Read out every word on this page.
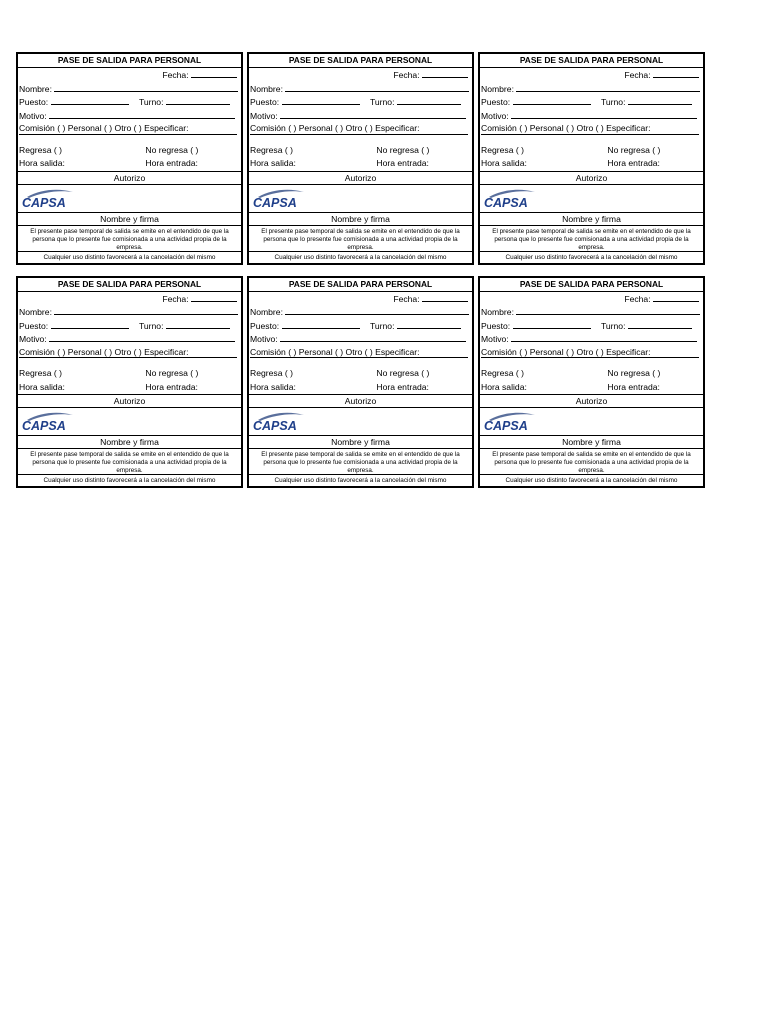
PASE DE SALIDA PARA PERSONAL
Fecha:
Nombre:
Puesto:	Turno:
Motivo:
Comisión ( ) Personal ( ) Otro ( ) Especificar:
Regresa ( )	No regresa ( )
Hora salida:	Hora entrada:
Autorizo
CAPSA
Nombre y firma
El presente pase temporal de salida se emite en el entendido de que la persona que lo presente fue comisionada a una actividad propia de la empresa.
Cualquier uso distinto favorecerá a la cancelación del mismo
PASE DE SALIDA PARA PERSONAL
Fecha:
Nombre:
Puesto:	Turno:
Motivo:
Comisión ( ) Personal ( ) Otro ( ) Especificar:
Regresa ( )	No regresa ( )
Hora salida:	Hora entrada:
Autorizo
CAPSA
Nombre y firma
El presente pase temporal de salida se emite en el entendido de que la persona que lo presente fue comisionada a una actividad propia de la empresa.
Cualquier uso distinto favorecerá a la cancelación del mismo
PASE DE SALIDA PARA PERSONAL
Fecha:
Nombre:
Puesto:	Turno:
Motivo:
Comisión ( ) Personal ( ) Otro ( ) Especificar:
Regresa ( )	No regresa ( )
Hora salida:	Hora entrada:
Autorizo
CAPSA
Nombre y firma
El presente pase temporal de salida se emite en el entendido de que la persona que lo presente fue comisionada a una actividad propia de la empresa.
Cualquier uso distinto favorecerá a la cancelación del mismo
PASE DE SALIDA PARA PERSONAL
Fecha:
Nombre:
Puesto:	Turno:
Motivo:
Comisión ( ) Personal ( ) Otro ( ) Especificar:
Regresa ( )	No regresa ( )
Hora salida:	Hora entrada:
Autorizo
CAPSA
Nombre y firma
El presente pase temporal de salida se emite en el entendido de que la persona que lo presente fue comisionada a una actividad propia de la empresa.
Cualquier uso distinto favorecerá a la cancelación del mismo
PASE DE SALIDA PARA PERSONAL
Fecha:
Nombre:
Puesto:	Turno:
Motivo:
Comisión ( ) Personal ( ) Otro ( ) Especificar:
Regresa ( )	No regresa ( )
Hora salida:	Hora entrada:
Autorizo
CAPSA
Nombre y firma
El presente pase temporal de salida se emite en el entendido de que la persona que lo presente fue comisionada a una actividad propia de la empresa.
Cualquier uso distinto favorecerá a la cancelación del mismo
PASE DE SALIDA PARA PERSONAL
Fecha:
Nombre:
Puesto:	Turno:
Motivo:
Comisión ( ) Personal ( ) Otro ( ) Especificar:
Regresa ( )	No regresa ( )
Hora salida:	Hora entrada:
Autorizo
CAPSA
Nombre y firma
El presente pase temporal de salida se emite en el entendido de que la persona que lo presente fue comisionada a una actividad propia de la empresa.
Cualquier uso distinto favorecerá a la cancelación del mismo
